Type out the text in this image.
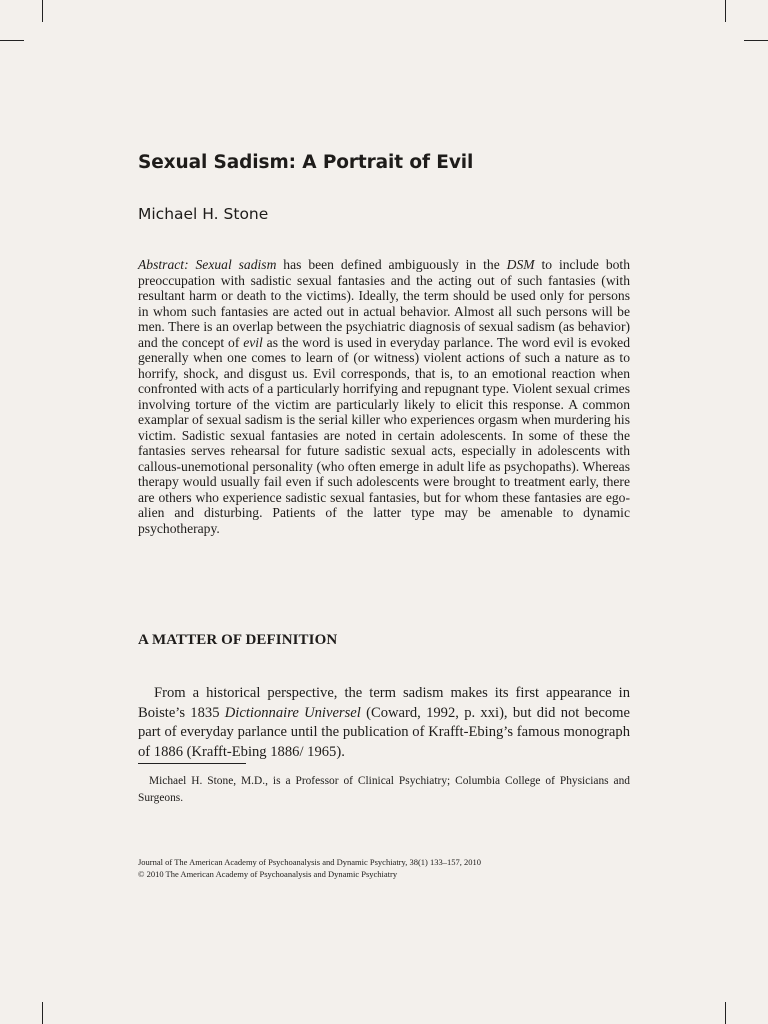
Sexual Sadism: A Portrait of Evil
Michael H. Stone

Abstract: Sexual sadism has been defined ambiguously in the DSM to include both preoccupation with sadistic sexual fantasies and the acting out of such fantasies (with resultant harm or death to the victims). Ideally, the term should be used only for persons in whom such fantasies are acted out in actual behavior. Almost all such persons will be men. There is an overlap between the psychiatric diagnosis of sexual sadism (as behavior) and the concept of evil as the word is used in everyday parlance. The word evil is evoked generally when one comes to learn of (or witness) violent actions of such a nature as to horrify, shock, and disgust us. Evil corresponds, that is, to an emotional reaction when confronted with acts of a particularly horrifying and repugnant type. Violent sexual crimes involving torture of the victim are particularly likely to elicit this response. A common examplar of sexual sadism is the serial killer who experiences orgasm when murdering his victim. Sadistic sexual fantasies are noted in certain adolescents. In some of these the fantasies serves rehearsal for future sadistic sexual acts, especially in adolescents with callous-unemotional personality (who often emerge in adult life as psychopaths). Whereas therapy would usually fail even if such adolescents were brought to treatment early, there are others who experience sadistic sexual fantasies, but for whom these fantasies are ego-alien and disturbing. Patients of the latter type may be amenable to dynamic psychotherapy.

A MATTER OF DEFINITION

From a historical perspective, the term sadism makes its first appearance in Boiste’s 1835 Dictionnaire Universel (Coward, 1992, p. xxi), but did not become part of everyday parlance until the publication of Krafft-Ebing’s famous monograph of 1886 (Krafft-Ebing 1886/ 1965).

Michael H. Stone, M.D., is a Professor of Clinical Psychiatry; Columbia College of Physicians and Surgeons.

Journal of The American Academy of Psychoanalysis and Dynamic Psychiatry, 38(1) 133–157, 2010
© 2010 The American Academy of Psychoanalysis and Dynamic Psychiatry
